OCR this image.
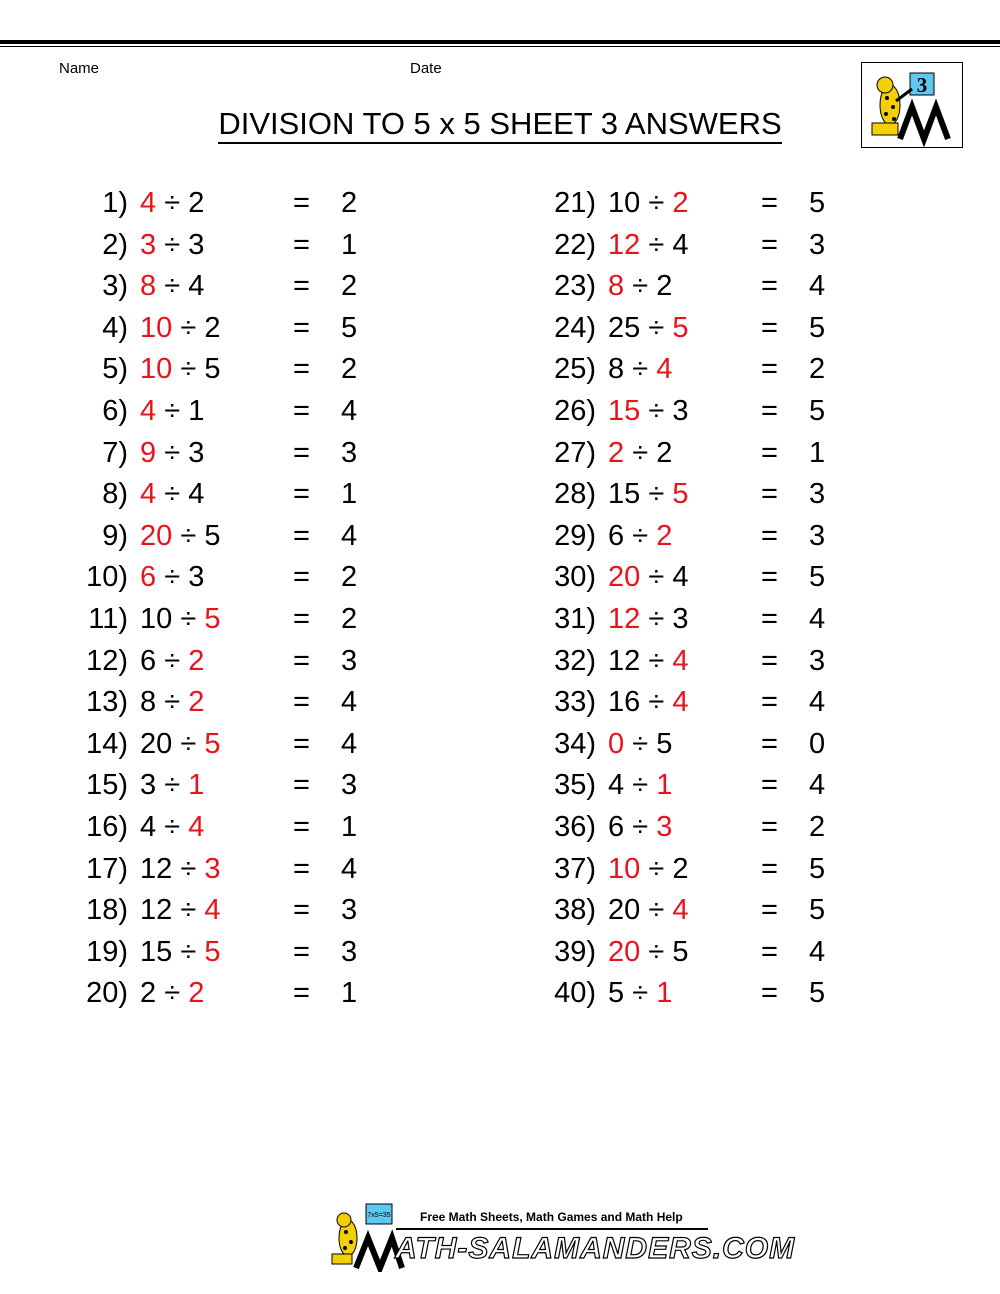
Name	Date
DIVISION TO 5 x 5 SHEET 3 ANSWERS
3
1) 4 ÷ 2	= 2
2) 3 ÷ 3	= 1
3) 8 ÷ 4	= 2
4) 10 ÷ 2	= 5
5) 10 ÷ 5	= 2
6) 4 ÷ 1	= 4
7) 9 ÷ 3	= 3
8) 4 ÷ 4	= 1
9) 20 ÷ 5	= 4
10) 6 ÷ 3	= 2
11) 10 ÷ 5	= 2
12) 6 ÷ 2	= 3
13) 8 ÷ 2	= 4
14) 20 ÷ 5	= 4
15) 3 ÷ 1	= 3
16) 4 ÷ 4	= 1
17) 12 ÷ 3	= 4
18) 12 ÷ 4	= 3
19) 15 ÷ 5	= 3
20) 2 ÷ 2	= 1
21) 10 ÷ 2	= 5
22) 12 ÷ 4	= 3
23) 8 ÷ 2	= 4
24) 25 ÷ 5	= 5
25) 8 ÷ 4	= 2
26) 15 ÷ 3	= 5
27) 2 ÷ 2	= 1
28) 15 ÷ 5	= 3
29) 6 ÷ 2	= 3
30) 20 ÷ 4	= 5
31) 12 ÷ 3	= 4
32) 12 ÷ 4	= 3
33) 16 ÷ 4	= 4
34) 0 ÷ 5	= 0
35) 4 ÷ 1	= 4
36) 6 ÷ 3	= 2
37) 10 ÷ 2	= 5
38) 20 ÷ 4	= 5
39) 20 ÷ 5	= 4
40) 5 ÷ 1	= 5
7x5=35 Free Math Sheets, Math Games and Math Help
ATH-SALAMANDERS.COM
